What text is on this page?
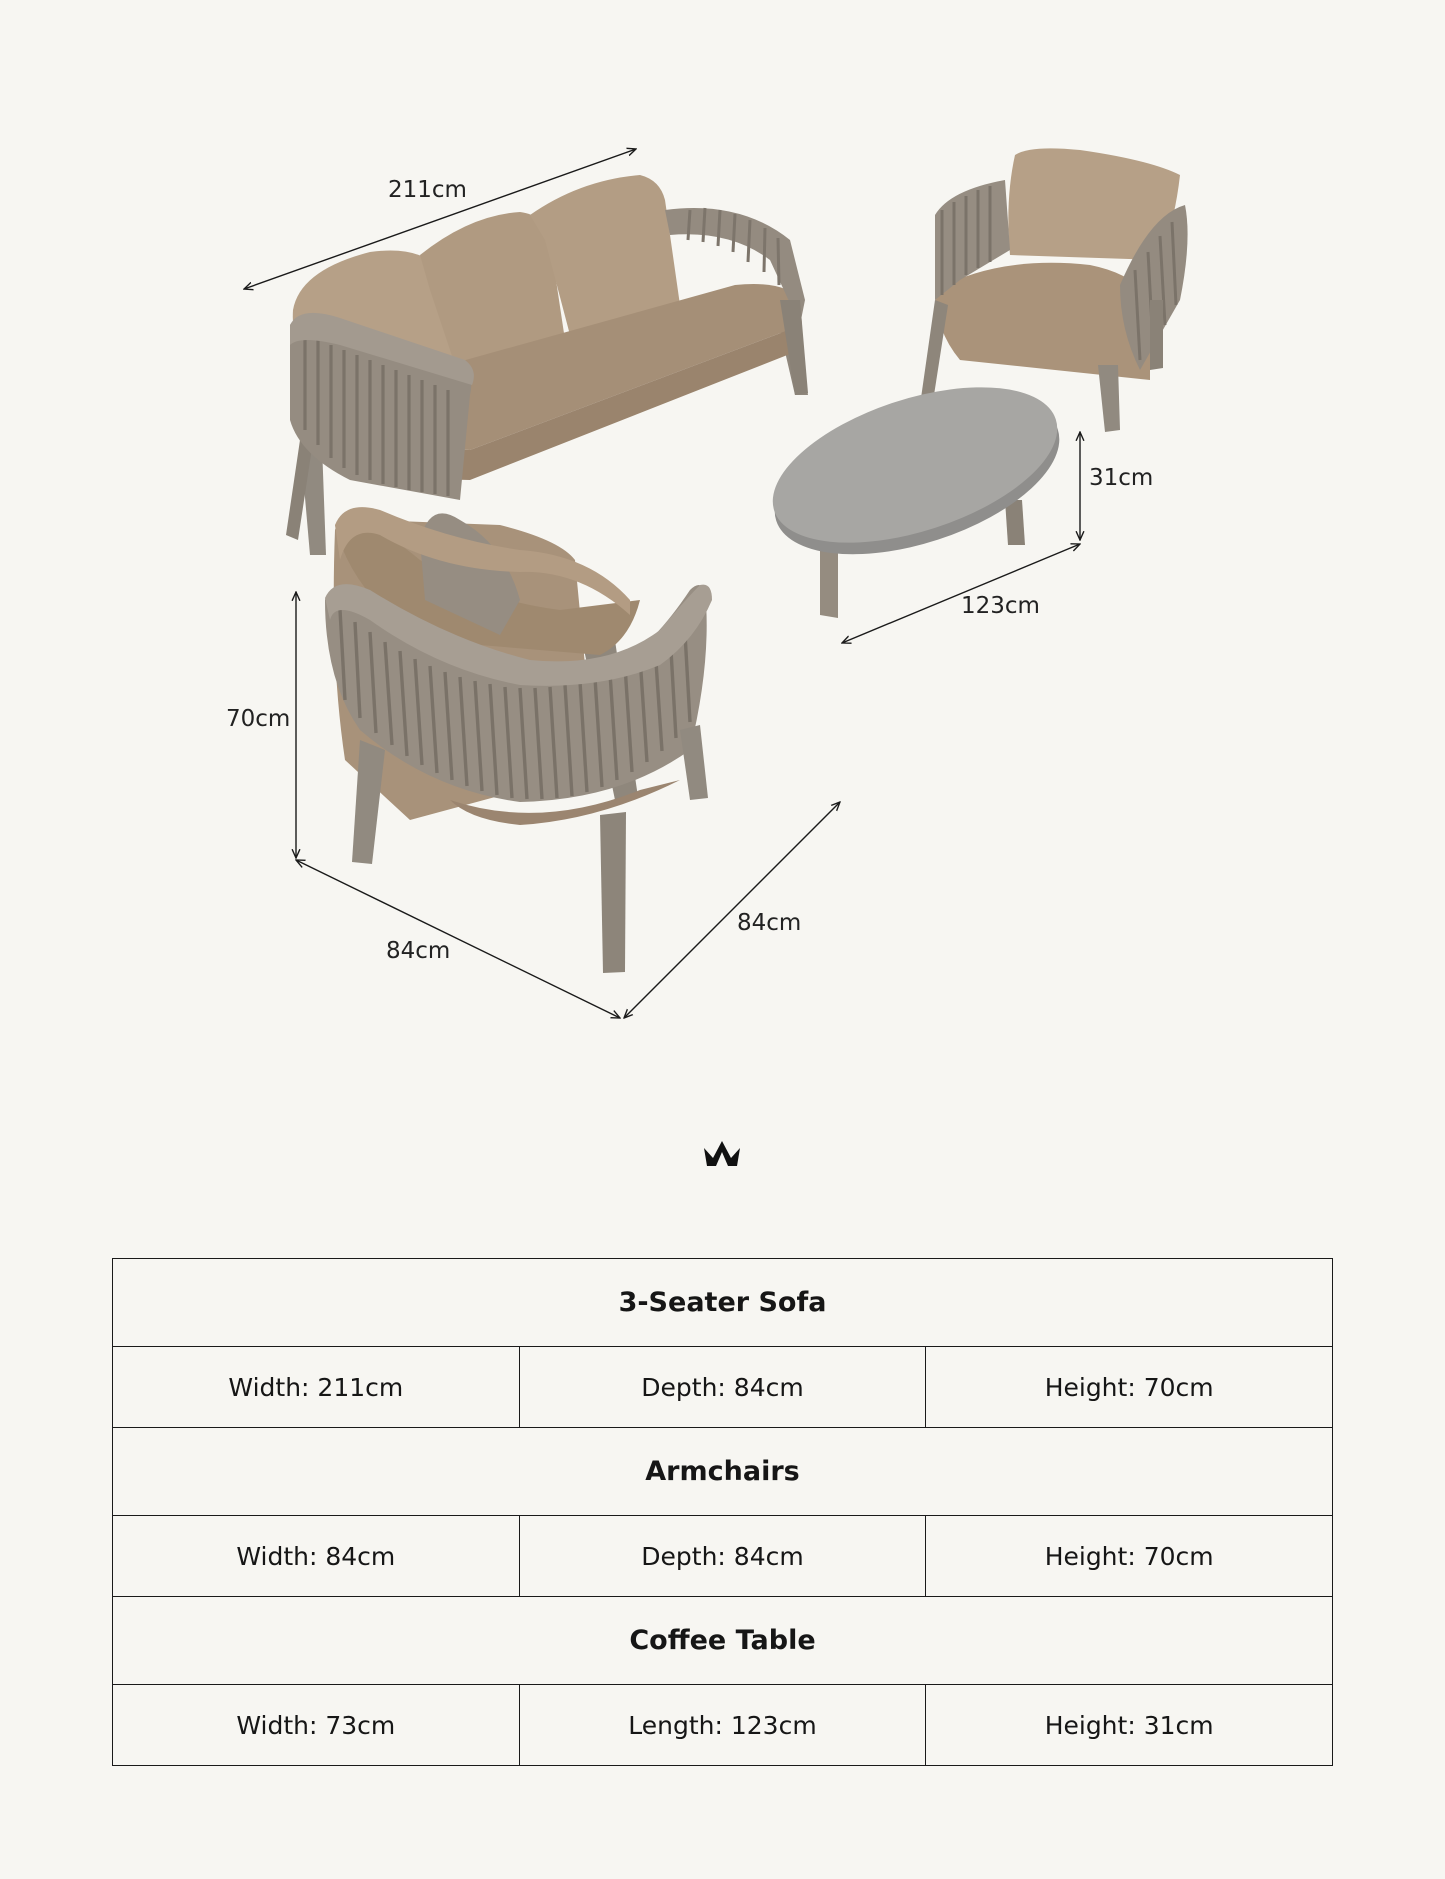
211cm
31cm
123cm
70cm
84cm
84cm
3-Seater Sofa		
Width: 211cm	Depth: 84cm	Height: 70cm
Armchairs		
Width: 84cm	Depth: 84cm	Height: 70cm
Coffee Table		
Width: 73cm	Length: 123cm	Height: 31cm
